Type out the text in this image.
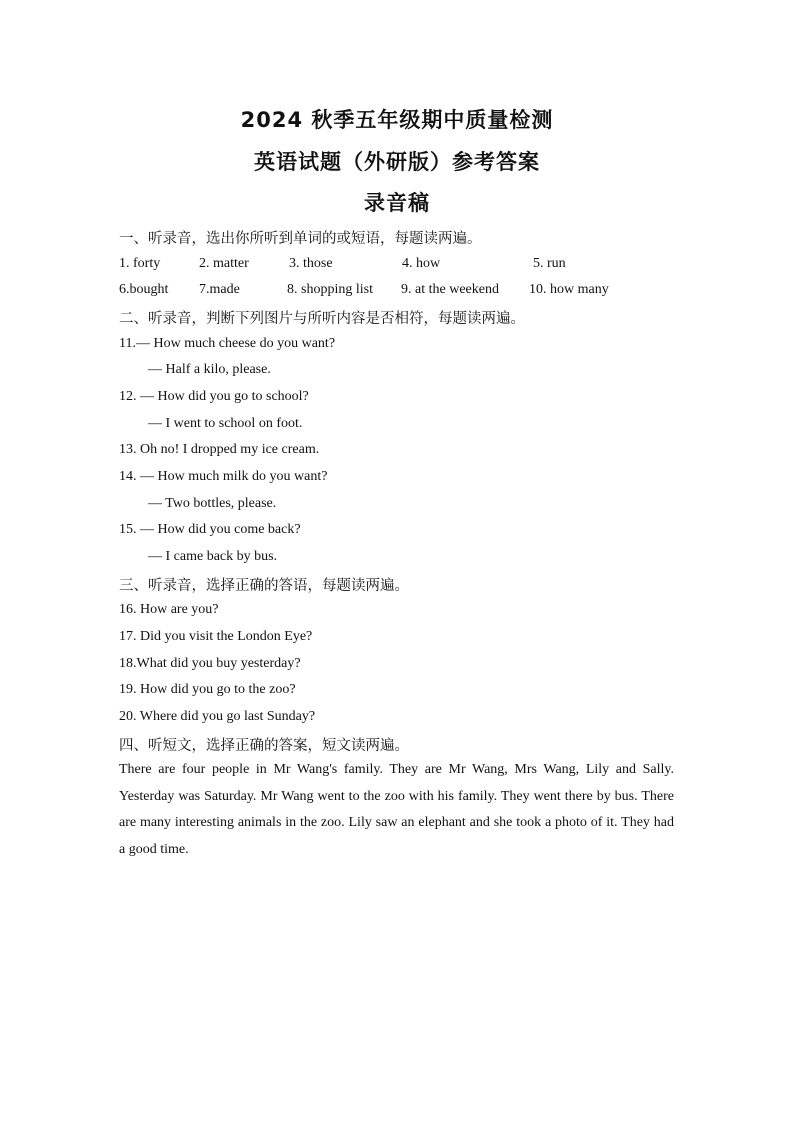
2024 秋季五年级期中质量检测
英语试题（外研版）参考答案
录音稿
一、听录音，选出你所听到单词的或短语，每题读两遍。
1. forty	2. matter	3. those	4. how	5. run
6.bought 7.made	8. shopping list 9. at the weekend 10. how many
二、听录音，判断下列图片与所听内容是否相符，每题读两遍。
11.— How much cheese do you want?
— Half a kilo, please.
12. — How did you go to school?
— I went to school on foot.
13. Oh no! I dropped my ice cream.
14. — How much milk do you want?
— Two bottles, please.
15. — How did you come back?
— I came back by bus.
三、听录音，选择正确的答语，每题读两遍。
16. How are you?
17. Did you visit the London Eye?
18.What did you buy yesterday?
19. How did you go to the zoo?
20. Where did you go last Sunday?
四、听短文，选择正确的答案，短文读两遍。
There are four people in Mr Wang's family. They are Mr Wang, Mrs Wang, Lily and Sally. Yesterday was Saturday. Mr Wang went to the zoo with his family. They went there by bus. There are many interesting animals in the zoo. Lily saw an elephant and she took a photo of it. They had a good time.
